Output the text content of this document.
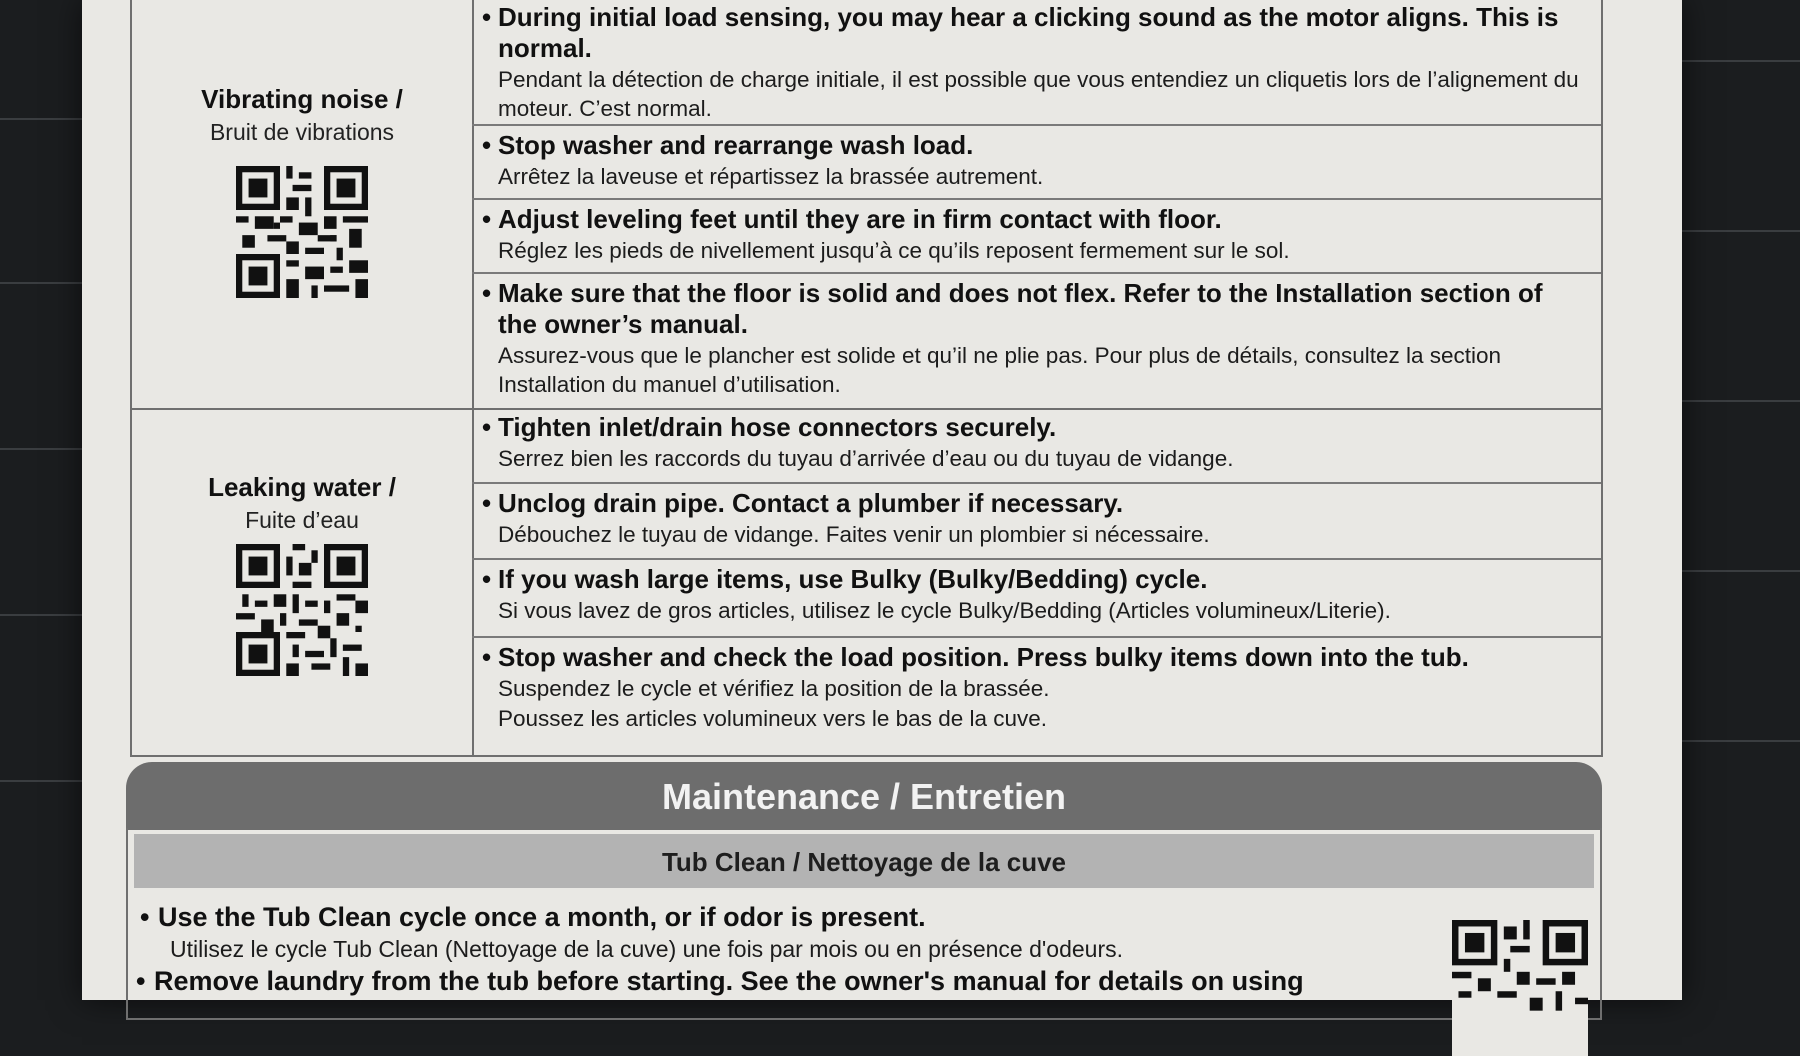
Vibrating noise /
Bruit de vibrations
• During initial load sensing, you may hear a clicking sound as the motor aligns. This is normal.
Pendant la détection de charge initiale, il est possible que vous entendiez un cliquetis lors de l’alignement du moteur. C’est normal.
• Stop washer and rearrange wash load.
Arrêtez la laveuse et répartissez la brassée autrement.
• Adjust leveling feet until they are in firm contact with floor.
Réglez les pieds de nivellement jusqu’à ce qu’ils reposent fermement sur le sol.
• Make sure that the floor is solid and does not flex. Refer to the Installation section of the owner’s manual.
Assurez-vous que le plancher est solide et qu’il ne plie pas. Pour plus de détails, consultez la section Installation du manuel d’utilisation.
Leaking water /
Fuite d’eau
• Tighten inlet/drain hose connectors securely.
Serrez bien les raccords du tuyau d’arrivée d’eau ou du tuyau de vidange.
• Unclog drain pipe. Contact a plumber if necessary.
Débouchez le tuyau de vidange. Faites venir un plombier si nécessaire.
• If you wash large items, use Bulky (Bulky/Bedding) cycle.
Si vous lavez de gros articles, utilisez le cycle Bulky/Bedding (Articles volumineux/Literie).
• Stop washer and check the load position. Press bulky items down into the tub.
Suspendez le cycle et vérifiez la position de la brassée.
Poussez les articles volumineux vers le bas de la cuve.
Maintenance / Entretien
Tub Clean / Nettoyage de la cuve
• Use the Tub Clean cycle once a month, or if odor is present.
Utilisez le cycle Tub Clean (Nettoyage de la cuve) une fois par mois ou en présence d'odeurs.
• Remove laundry from the tub before starting. See the owner's manual for details on using
